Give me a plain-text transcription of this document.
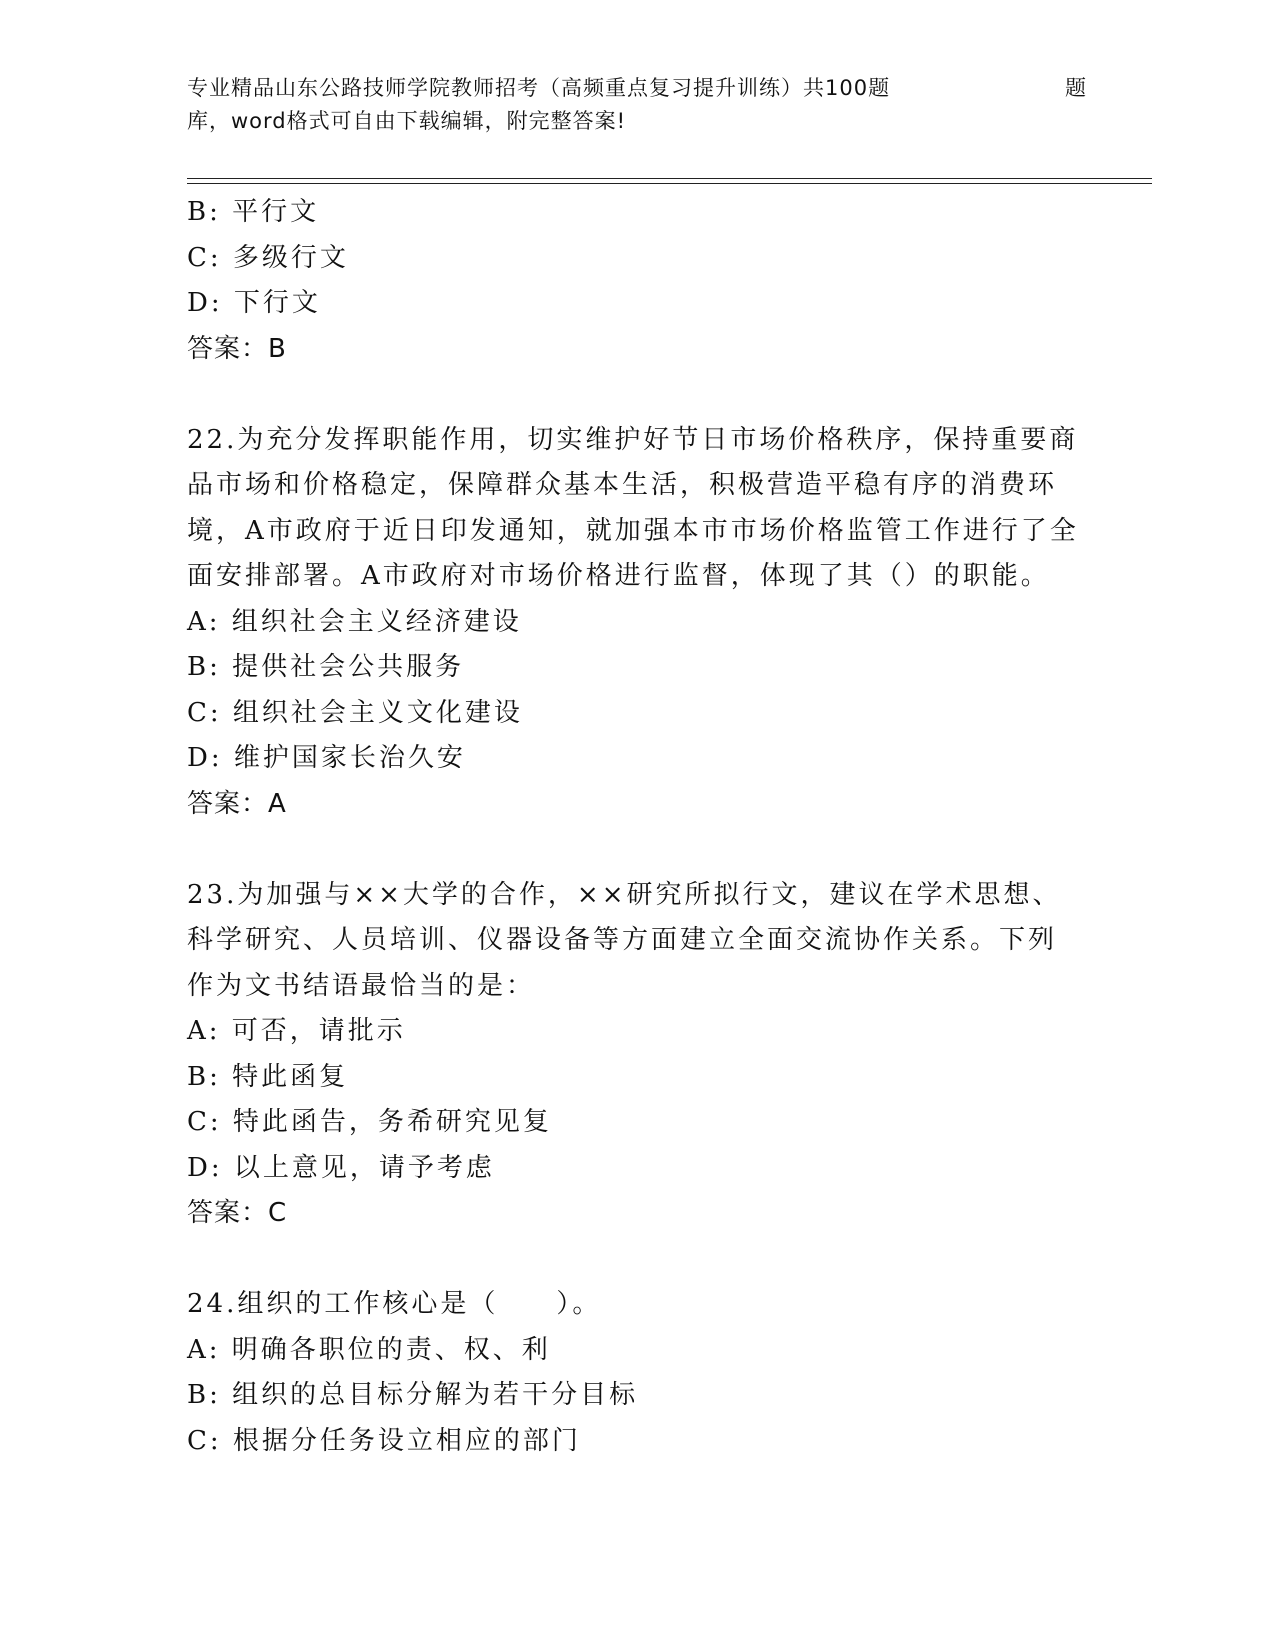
专业精品山东公路技师学院教师招考（高频重点复习提升训练）共100题	题
库，word格式可自由下载编辑，附完整答案!
B: 平行文
C: 多级行文
D: 下行文
答案：B
22.为充分发挥职能作用，切实维护好节日市场价格秩序，保持重要商
品市场和价格稳定，保障群众基本生活，积极营造平稳有序的消费环
境，A市政府于近日印发通知，就加强本市市场价格监管工作进行了全
面安排部署。A市政府对市场价格进行监督，体现了其（）的职能。
A: 组织社会主义经济建设
B: 提供社会公共服务
C: 组织社会主义文化建设
D: 维护国家长治久安
答案：A
23.为加强与××大学的合作，××研究所拟行文，建议在学术思想、
科学研究、人员培训、仪器设备等方面建立全面交流协作关系。下列
作为文书结语最恰当的是：
A: 可否，请批示
B: 特此函复
C: 特此函告，务希研究见复
D: 以上意见，请予考虑
答案：C
24.组织的工作核心是（　　）。
A: 明确各职位的责、权、利
B: 组织的总目标分解为若干分目标
C: 根据分任务设立相应的部门
